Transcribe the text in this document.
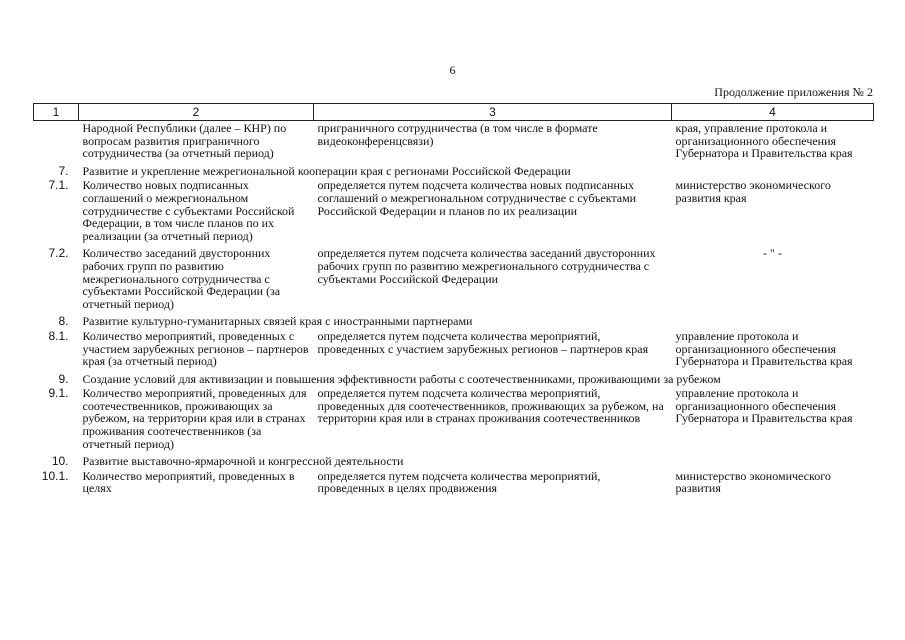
6
Продолжение приложения № 2
1	2	3	4
	Народной Республики (далее – КНР) по вопросам развития приграничного сотрудничества (за отчетный период)	приграничного сотрудничества (в том числе в формате видеоконференцсвязи)	края, управление протокола и организационного обеспечения Губернатора и Правительства края
7.	Развитие и укрепление межрегиональной кооперации края с регионами Российской Федерации		
7.1.	Количество новых подписанных соглашений о межрегиональном сотрудничестве с субъектами Российской Федерации, в том числе планов по их реализации (за отчетный период)	определяется путем подсчета количества новых подписанных соглашений о межрегиональном сотрудничестве с субъектами Российской Федерации и планов по их реализации	министерство экономического развития края
7.2.	Количество заседаний двусторонних рабочих групп по развитию межрегионального сотрудничества с субъектами Российской Федерации (за отчетный период)	определяется путем подсчета количества заседаний двусторонних рабочих групп по развитию межрегионального сотрудничества с субъектами Российской Федерации	- " -
8.	Развитие культурно-гуманитарных связей края с иностранными партнерами		
8.1.	Количество мероприятий, проведенных с участием зарубежных регионов – партнеров края (за отчетный период)	определяется путем подсчета количества мероприятий, проведенных с участием зарубежных регионов – партнеров края	управление протокола и организационного обеспечения Губернатора и Правительства края
9.	Создание условий для активизации и повышения эффективности работы с соотечественниками, проживающими за рубежом		
9.1.	Количество мероприятий, проведенных для соотечественников, проживающих за рубежом, на территории края или в странах проживания соотечественников (за отчетный период)	определяется путем подсчета количества мероприятий, проведенных для соотечественников, проживающих за рубежом, на территории края или в странах проживания соотечественников	управление протокола и организационного обеспечения Губернатора и Правительства края
10.	Развитие выставочно-ярмарочной и конгрессной деятельности		
10.1.	Количество мероприятий, проведенных в целях	определяется путем подсчета количества мероприятий, проведенных в целях продвижения	министерство экономического развития
